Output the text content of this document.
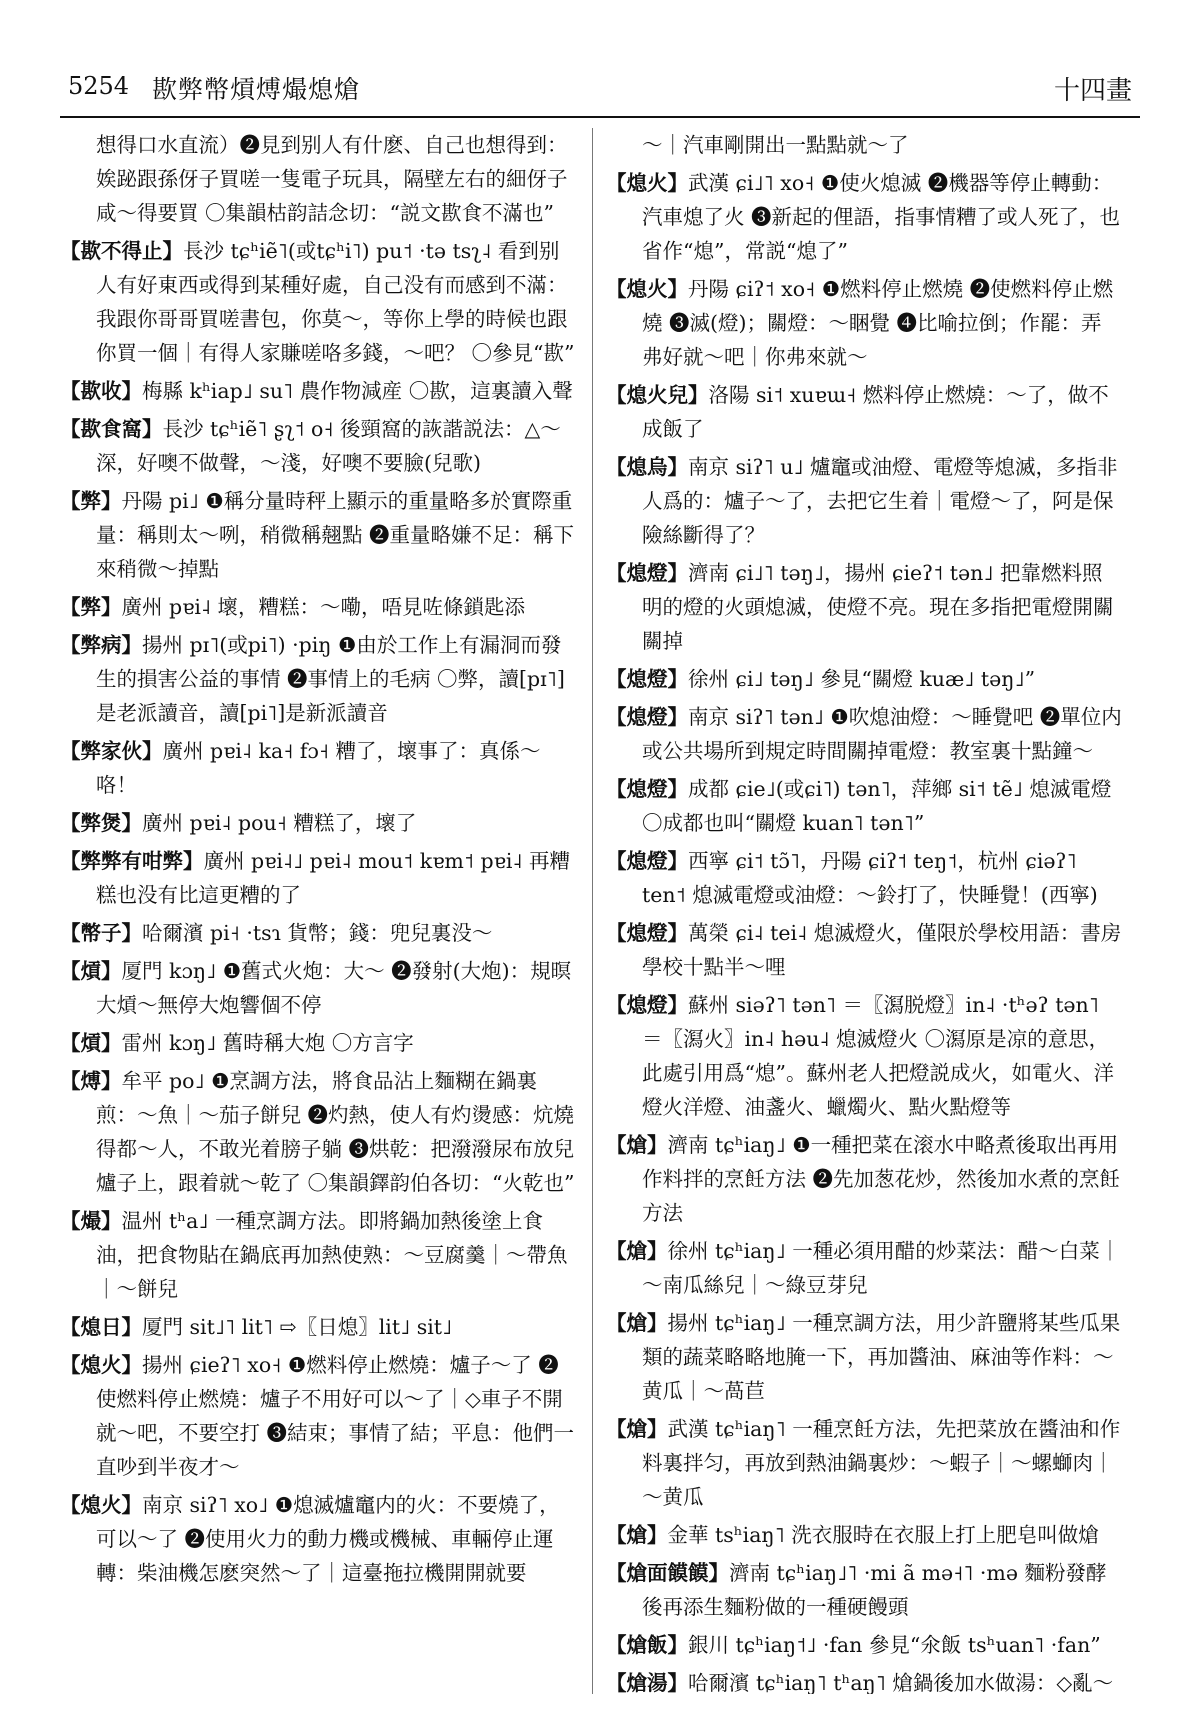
5254 歁弊幣熕煿熶熄熗	十四畫

想得口水直流）❷見到别人有什麽、自己也想得到：娭䟤跟孫伢子買嗟一隻電子玩具，隔壁左右的細伢子咸～得要買 〇集韻枯韵詰念切：“説文歁食不滿也”

【歁不得止】長沙 tɕʰiẽ˥(或tɕʰi˥) pu˦ ·tə tsʅ˨ 看到别人有好東西或得到某種好處，自己没有而感到不滿：我跟你哥哥買嗟書包，你莫～，等你上學的時候也跟你買一個｜有得人家賺嗟咯多錢，～吧？ 〇參見“歁”

【歁收】梅縣 kʰiap˩ su˥ 農作物減産 〇歁，這裏讀入聲

【歁食窩】長沙 tɕʰiẽ˥ ʂʅ˦ o˧ 後頸窩的詼諧説法：△～深，好噢不做聲，～淺，好噢不要臉(兒歌)

【弊】丹陽 pi˩ ❶稱分量時秤上顯示的重量略多於實際重量：稱則太～咧，稍微稱翹點 ❷重量略嫌不足：稱下來稍微～掉點

【弊】廣州 pɐi˨ 壞，糟糕：～嘞，唔見咗條鎖匙添

【弊病】揚州 pɪ˥(或pi˥) ·piŋ ❶由於工作上有漏洞而發生的損害公益的事情 ❷事情上的毛病 〇弊，讀[pɪ˥]是老派讀音，讀[pi˥]是新派讀音

【弊家伙】廣州 pɐi˨ ka˧ fɔ˧ 糟了，壞事了：真係～咯！

【弊煲】廣州 pɐi˨ pou˧ 糟糕了，壞了

【弊弊有咁弊】廣州 pɐi˨˩ pɐi˨ mou˦ kɐm˦ pɐi˨ 再糟糕也没有比這更糟的了

【幣子】哈爾濱 pi˧ ·tsɿ 貨幣；錢：兜兒裏没～

【熕】厦門 kɔŋ˩ ❶舊式火炮：大～ ❷發射(大炮)：規暝大熕～無停大炮響個不停

【熕】雷州 kɔŋ˩ 舊時稱大炮 〇方言字

【煿】牟平 po˩ ❶烹調方法，將食品沾上麵糊在鍋裏煎：～魚｜～茄子餅兒 ❷灼熱，使人有灼燙感：炕燒得都～人，不敢光着膀子躺 ❸烘乾：把潑潑尿布放兒爐子上，跟着就～乾了 〇集韻鐸韵伯各切：“火乾也”

【熶】温州 tʰa˩ 一種烹調方法。即將鍋加熱後塗上食油，把食物貼在鍋底再加熱使熟：～豆腐羹｜～帶魚｜～餅兒

【熄日】厦門 sit˩˥ lit˥ ⇨〖日熄〗lit˩ sit˩

【熄火】揚州 ɕieʔ˥ xo˧ ❶燃料停止燃燒：爐子～了 ❷使燃料停止燃燒：爐子不用好可以～了｜◇車子不開就～吧，不要空打 ❸結束；事情了結；平息：他們一直吵到半夜才～

【熄火】南京 siʔ˥ xo˩ ❶熄滅爐竈内的火：不要燒了，可以～了 ❷使用火力的動力機或機械、車輛停止運轉：柴油機怎麽突然～了｜這臺拖拉機開開就要

～｜汽車剛開出一點點就～了

【熄火】武漢 ɕi˩˥ xo˧ ❶使火熄滅 ❷機器等停止轉動：汽車熄了火 ❸新起的俚語，指事情糟了或人死了，也省作“熄”，常説“熄了”

【熄火】丹陽 ɕiʔ˦ xo˧ ❶燃料停止燃燒 ❷使燃料停止燃燒 ❸滅(燈)；關燈：～睏覺 ❹比喻拉倒；作罷：弄弗好就～吧｜你弗來就～

【熄火兒】洛陽 si˦ xuɐɯ˧ 燃料停止燃燒：～了，做不成飯了

【熄烏】南京 siʔ˥ u˩ 爐竈或油燈、電燈等熄滅，多指非人爲的：爐子～了，去把它生着｜電燈～了，阿是保險絲斷得了？

【熄燈】濟南 ɕi˩˥ təŋ˩，揚州 ɕieʔ˦ tən˩ 把靠燃料照明的燈的火頭熄滅，使燈不亮。現在多指把電燈開關關掉

【熄燈】徐州 ɕi˩ təŋ˩ 參見“關燈 kuæ˩ təŋ˩”

【熄燈】南京 siʔ˥ tən˩ ❶吹熄油燈：～睡覺吧 ❷單位内或公共場所到規定時間關掉電燈：教室裏十點鐘～

【熄燈】成都 ɕie˩(或ɕi˥) tən˥，萍鄉 si˦ tẽ˩ 熄滅電燈 〇成都也叫“關燈 kuan˥ tən˥”

【熄燈】西寧 ɕi˦ tɔ̃˥，丹陽 ɕiʔ˦ teŋ˦，杭州 ɕiəʔ˥ ten˦ 熄滅電燈或油燈：～鈴打了，快睡覺！(西寧)

【熄燈】萬榮 ɕi˨ tei˨ 熄滅燈火，僅限於學校用語：書房學校十點半～哩

【熄燈】蘇州 siəʔ˥ tən˥ ＝〖㵼脱燈〗in˨ ·tʰəʔ tən˥ ＝〖㵼火〗in˨ həu˨ 熄滅燈火 〇㵼原是凉的意思，此處引用爲“熄”。蘇州老人把燈説成火，如電火、洋燈火洋燈、油盞火、蠟燭火、點火點燈等

【熗】濟南 tɕʰiaŋ˩ ❶一種把菜在滚水中略煮後取出再用作料拌的烹飪方法 ❷先加葱花炒，然後加水煮的烹飪方法

【熗】徐州 tɕʰiaŋ˩ 一種必須用醋的炒菜法：醋～白菜｜～南瓜絲兒｜～綠豆芽兒

【熗】揚州 tɕʰiaŋ˩ 一種烹調方法，用少許鹽將某些瓜果類的蔬菜略略地腌一下，再加醬油、麻油等作料：～黄瓜｜～萵苣

【熗】武漢 tɕʰiaŋ˥ 一種烹飪方法，先把菜放在醬油和作料裏拌匀，再放到熱油鍋裏炒：～蝦子｜～螺螄肉｜～黄瓜

【熗】金華 tsʰiaŋ˥ 洗衣服時在衣服上打上肥皂叫做熗

【熗面饃饃】濟南 tɕʰiaŋ˩˥ ·mi ã mə˧˥ ·mə 麵粉發酵後再添生麵粉做的一種硬饅頭

【熗飯】銀川 tɕʰiaŋ˦˩ ·fan 參見“氽飯 tsʰuan˥ ·fan”

【熗湯】哈爾濱 tɕʰiaŋ˥ tʰaŋ˥ 熗鍋後加水做湯：◇亂～
